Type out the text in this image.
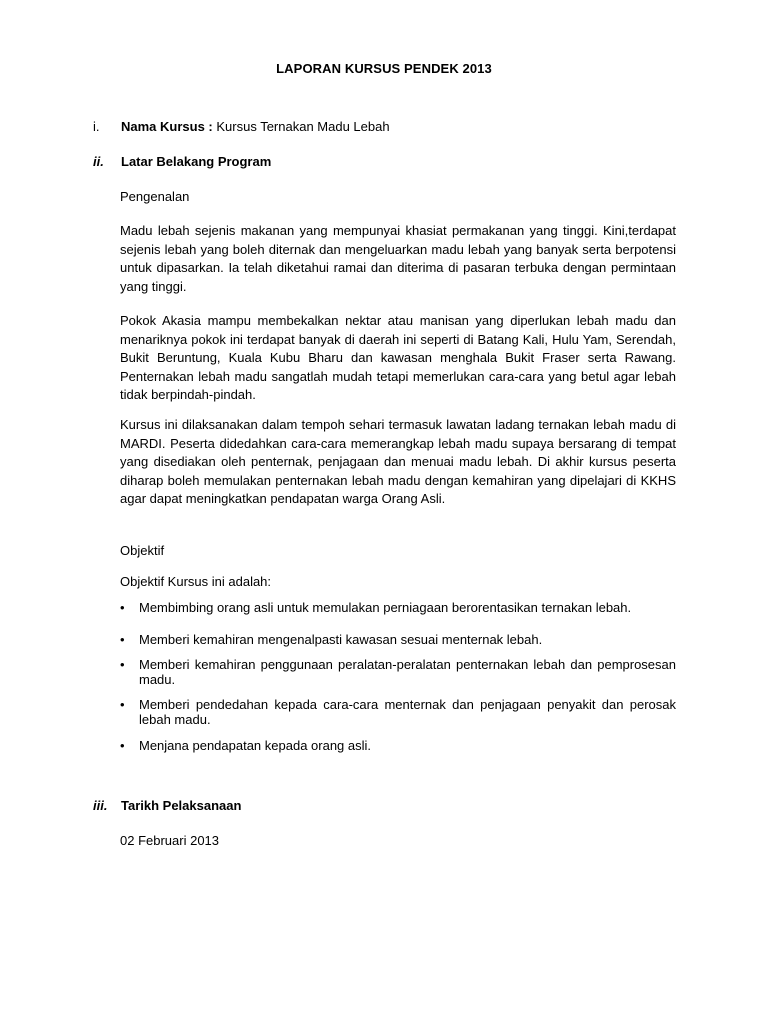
LAPORAN KURSUS PENDEK 2013
i. Nama Kursus : Kursus Ternakan Madu Lebah
ii. Latar Belakang Program
Pengenalan
Madu lebah sejenis makanan yang mempunyai khasiat permakanan yang tinggi. Kini,terdapat sejenis lebah yang boleh diternak dan mengeluarkan madu lebah yang banyak serta berpotensi untuk dipasarkan. Ia telah diketahui ramai dan diterima di pasaran terbuka dengan permintaan yang tinggi.
Pokok Akasia mampu membekalkan nektar atau manisan yang diperlukan lebah madu dan menariknya pokok ini terdapat banyak di daerah ini seperti di Batang Kali, Hulu Yam, Serendah, Bukit Beruntung, Kuala Kubu Bharu dan kawasan menghala Bukit Fraser serta Rawang. Penternakan lebah madu sangatlah mudah tetapi memerlukan cara-cara yang betul agar lebah tidak berpindah-pindah.
Kursus ini dilaksanakan dalam tempoh sehari termasuk lawatan ladang ternakan lebah madu di MARDI. Peserta didedahkan cara-cara memerangkap lebah madu supaya bersarang di tempat yang disediakan oleh penternak, penjagaan dan menuai madu lebah. Di akhir kursus peserta diharap boleh memulakan penternakan lebah madu dengan kemahiran yang dipelajari di KKHS agar dapat meningkatkan pendapatan warga Orang Asli.
Objektif
Objektif Kursus ini adalah:
•	Membimbing orang asli untuk memulakan perniagaan berorentasikan ternakan lebah.
•	Memberi kemahiran mengenalpasti kawasan sesuai menternak lebah.
•	Memberi kemahiran penggunaan peralatan-peralatan penternakan lebah dan pemprosesan madu.
•	Memberi pendedahan kepada cara-cara menternak dan penjagaan penyakit dan perosak lebah madu.
•	Menjana pendapatan kepada orang asli.
iii. Tarikh Pelaksanaan
02 Februari 2013
